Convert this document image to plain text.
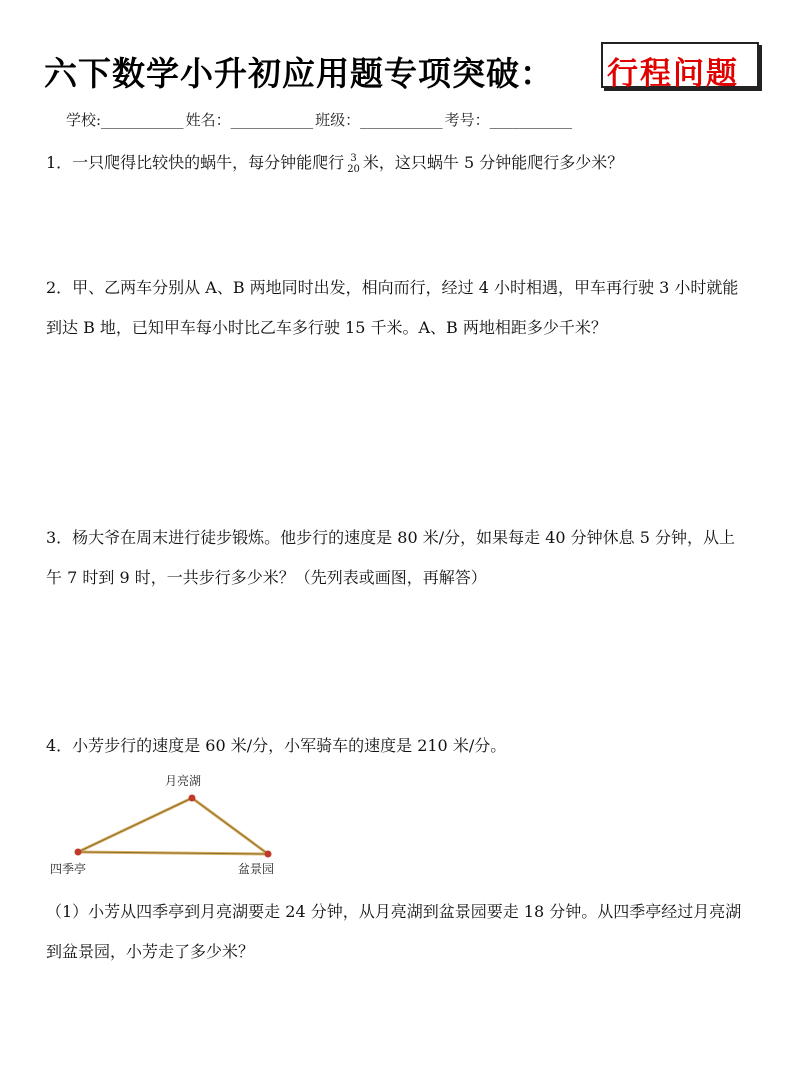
六下数学小升初应用题专项突破： 行程问题
学校:___________ 姓名：___________ 班级：___________ 考号：___________
1．一只爬得比较快的蜗牛，每分钟能爬行 3
20 米，这只蜗牛 5 分钟能爬行多少米？
2．甲、乙两车分别从 A、B 两地同时出发，相向而行，经过 4 小时相遇，甲车再行驶 3 小时就能到达 B 地，已知甲车每小时比乙车多行驶 15 千米。A、B 两地相距多少千米？
3．杨大爷在周末进行徒步锻炼。他步行的速度是 80 米/分，如果每走 40 分钟休息 5 分钟，从上午 7 时到 9 时，一共步行多少米？（先列表或画图，再解答）
4．小芳步行的速度是 60 米/分，小军骑车的速度是 210 米/分。
月亮湖
四季亭	盆景园
（1）小芳从四季亭到月亮湖要走 24 分钟，从月亮湖到盆景园要走 18 分钟。从四季亭经过月亮湖到盆景园，小芳走了多少米？
